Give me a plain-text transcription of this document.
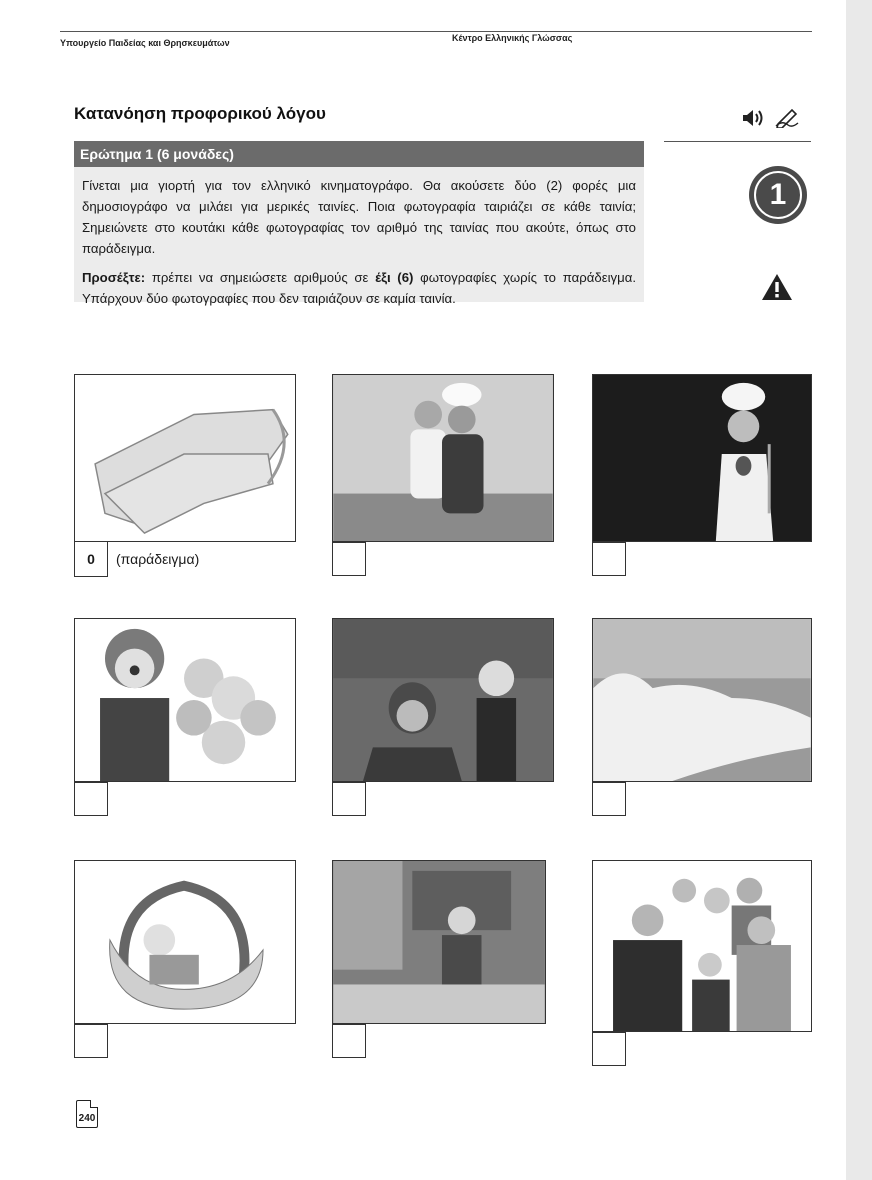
Υπουργείο Παιδείας και Θρησκευμάτων	Κέντρο Ελληνικής Γλώσσας
Κατανόηση προφορικού λόγου
Ερώτημα 1 (6 μονάδες)

Γίνεται μια γιορτή για τον ελληνικό κινηματογράφο. Θα ακούσετε δύο (2) φορές μια δημοσιογράφο να μιλάει για μερικές ταινίες. Ποια φωτογραφία ταιριάζει σε κάθε ταινία; Σημειώνετε στο κουτάκι κάθε φωτογραφίας τον αριθμό της ταινίας που ακούτε, όπως στο παράδειγμα.

Προσέξτε: πρέπει να σημειώσετε αριθμούς σε έξι (6) φωτογραφίες χωρίς το παράδειγμα. Υπάρχουν δύο φωτογραφίες που δεν ταιριάζουν σε καμία ταινία.

1
0	(παράδειγμα)
240
